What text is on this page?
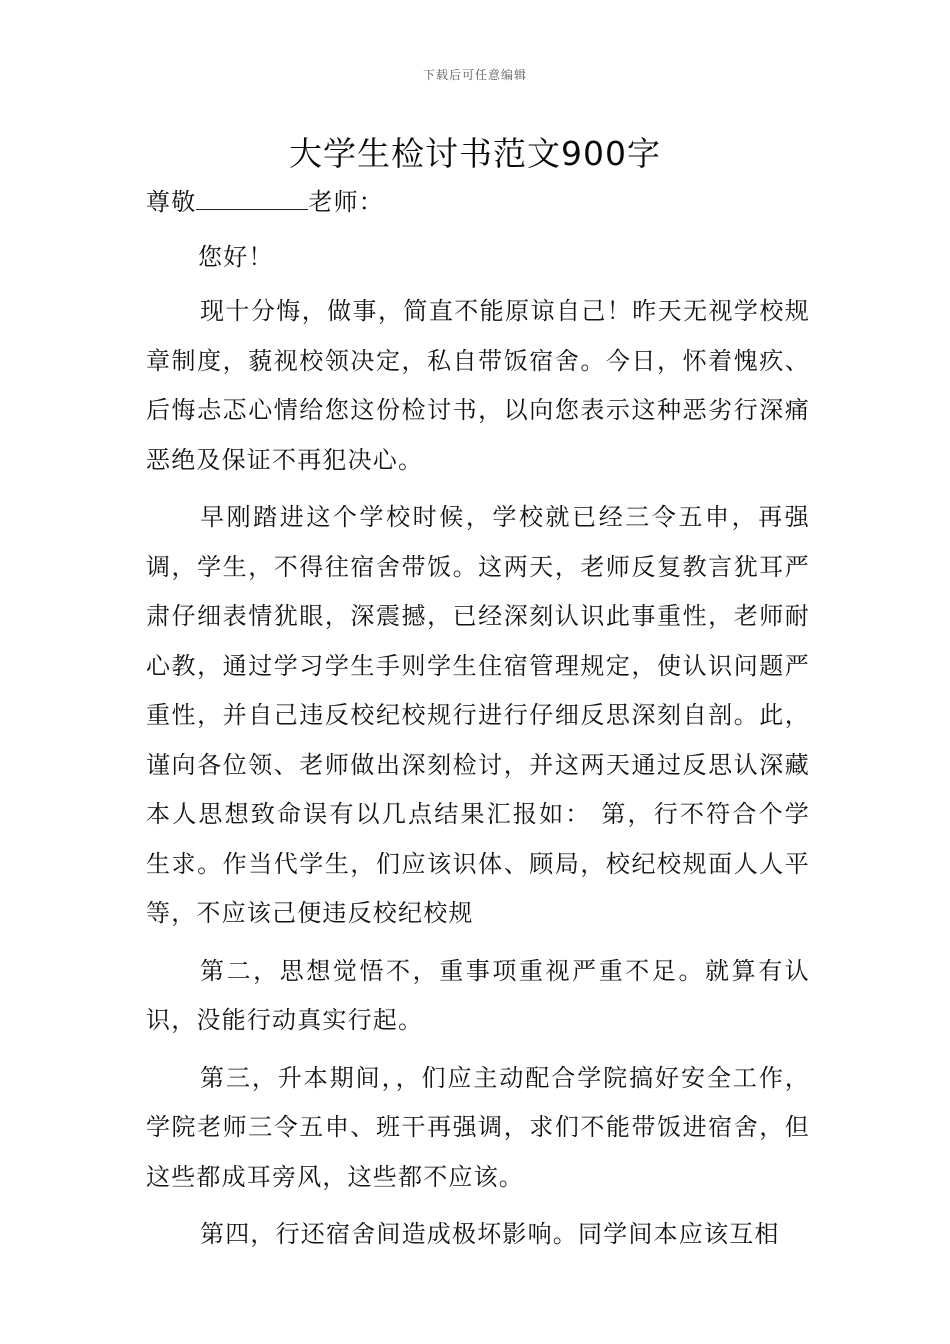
下载后可任意编辑
大学生检讨书范文900字

尊敬	老师：

您好！

现十分悔，做事，简直不能原谅自己！昨天无视学校规章制度，藐视校领决定，私自带饭宿舍。今日，怀着愧疚、后悔忐忑心情给您这份检讨书，以向您表示这种恶劣行深痛恶绝及保证不再犯决心。

早刚踏进这个学校时候，学校就已经三令五申，再强调，学生，不得往宿舍带饭。这两天，老师反复教言犹耳严肃仔细表情犹眼，深震撼，已经深刻认识此事重性，老师耐心教，通过学习学生手则学生住宿管理规定，使认识问题严重性，并自己违反校纪校规行进行仔细反思深刻自剖。此，谨向各位领、老师做出深刻检讨，并这两天通过反思认深藏本人思想致命误有以几点结果汇报如： 第，行不符合个学生求。作当代学生，们应该识体、顾局，校纪校规面人人平等，不应该己便违反校纪校规

第二，思想觉悟不，重事项重视严重不足。就算有认识，没能行动真实行起。

第三，升本期间，，们应主动配合学院搞好安全工作，学院老师三令五申、班干再强调，求们不能带饭进宿舍，但这些都成耳旁风，这些都不应该。

第四，行还宿舍间造成极坏影响。同学间本应该互相
